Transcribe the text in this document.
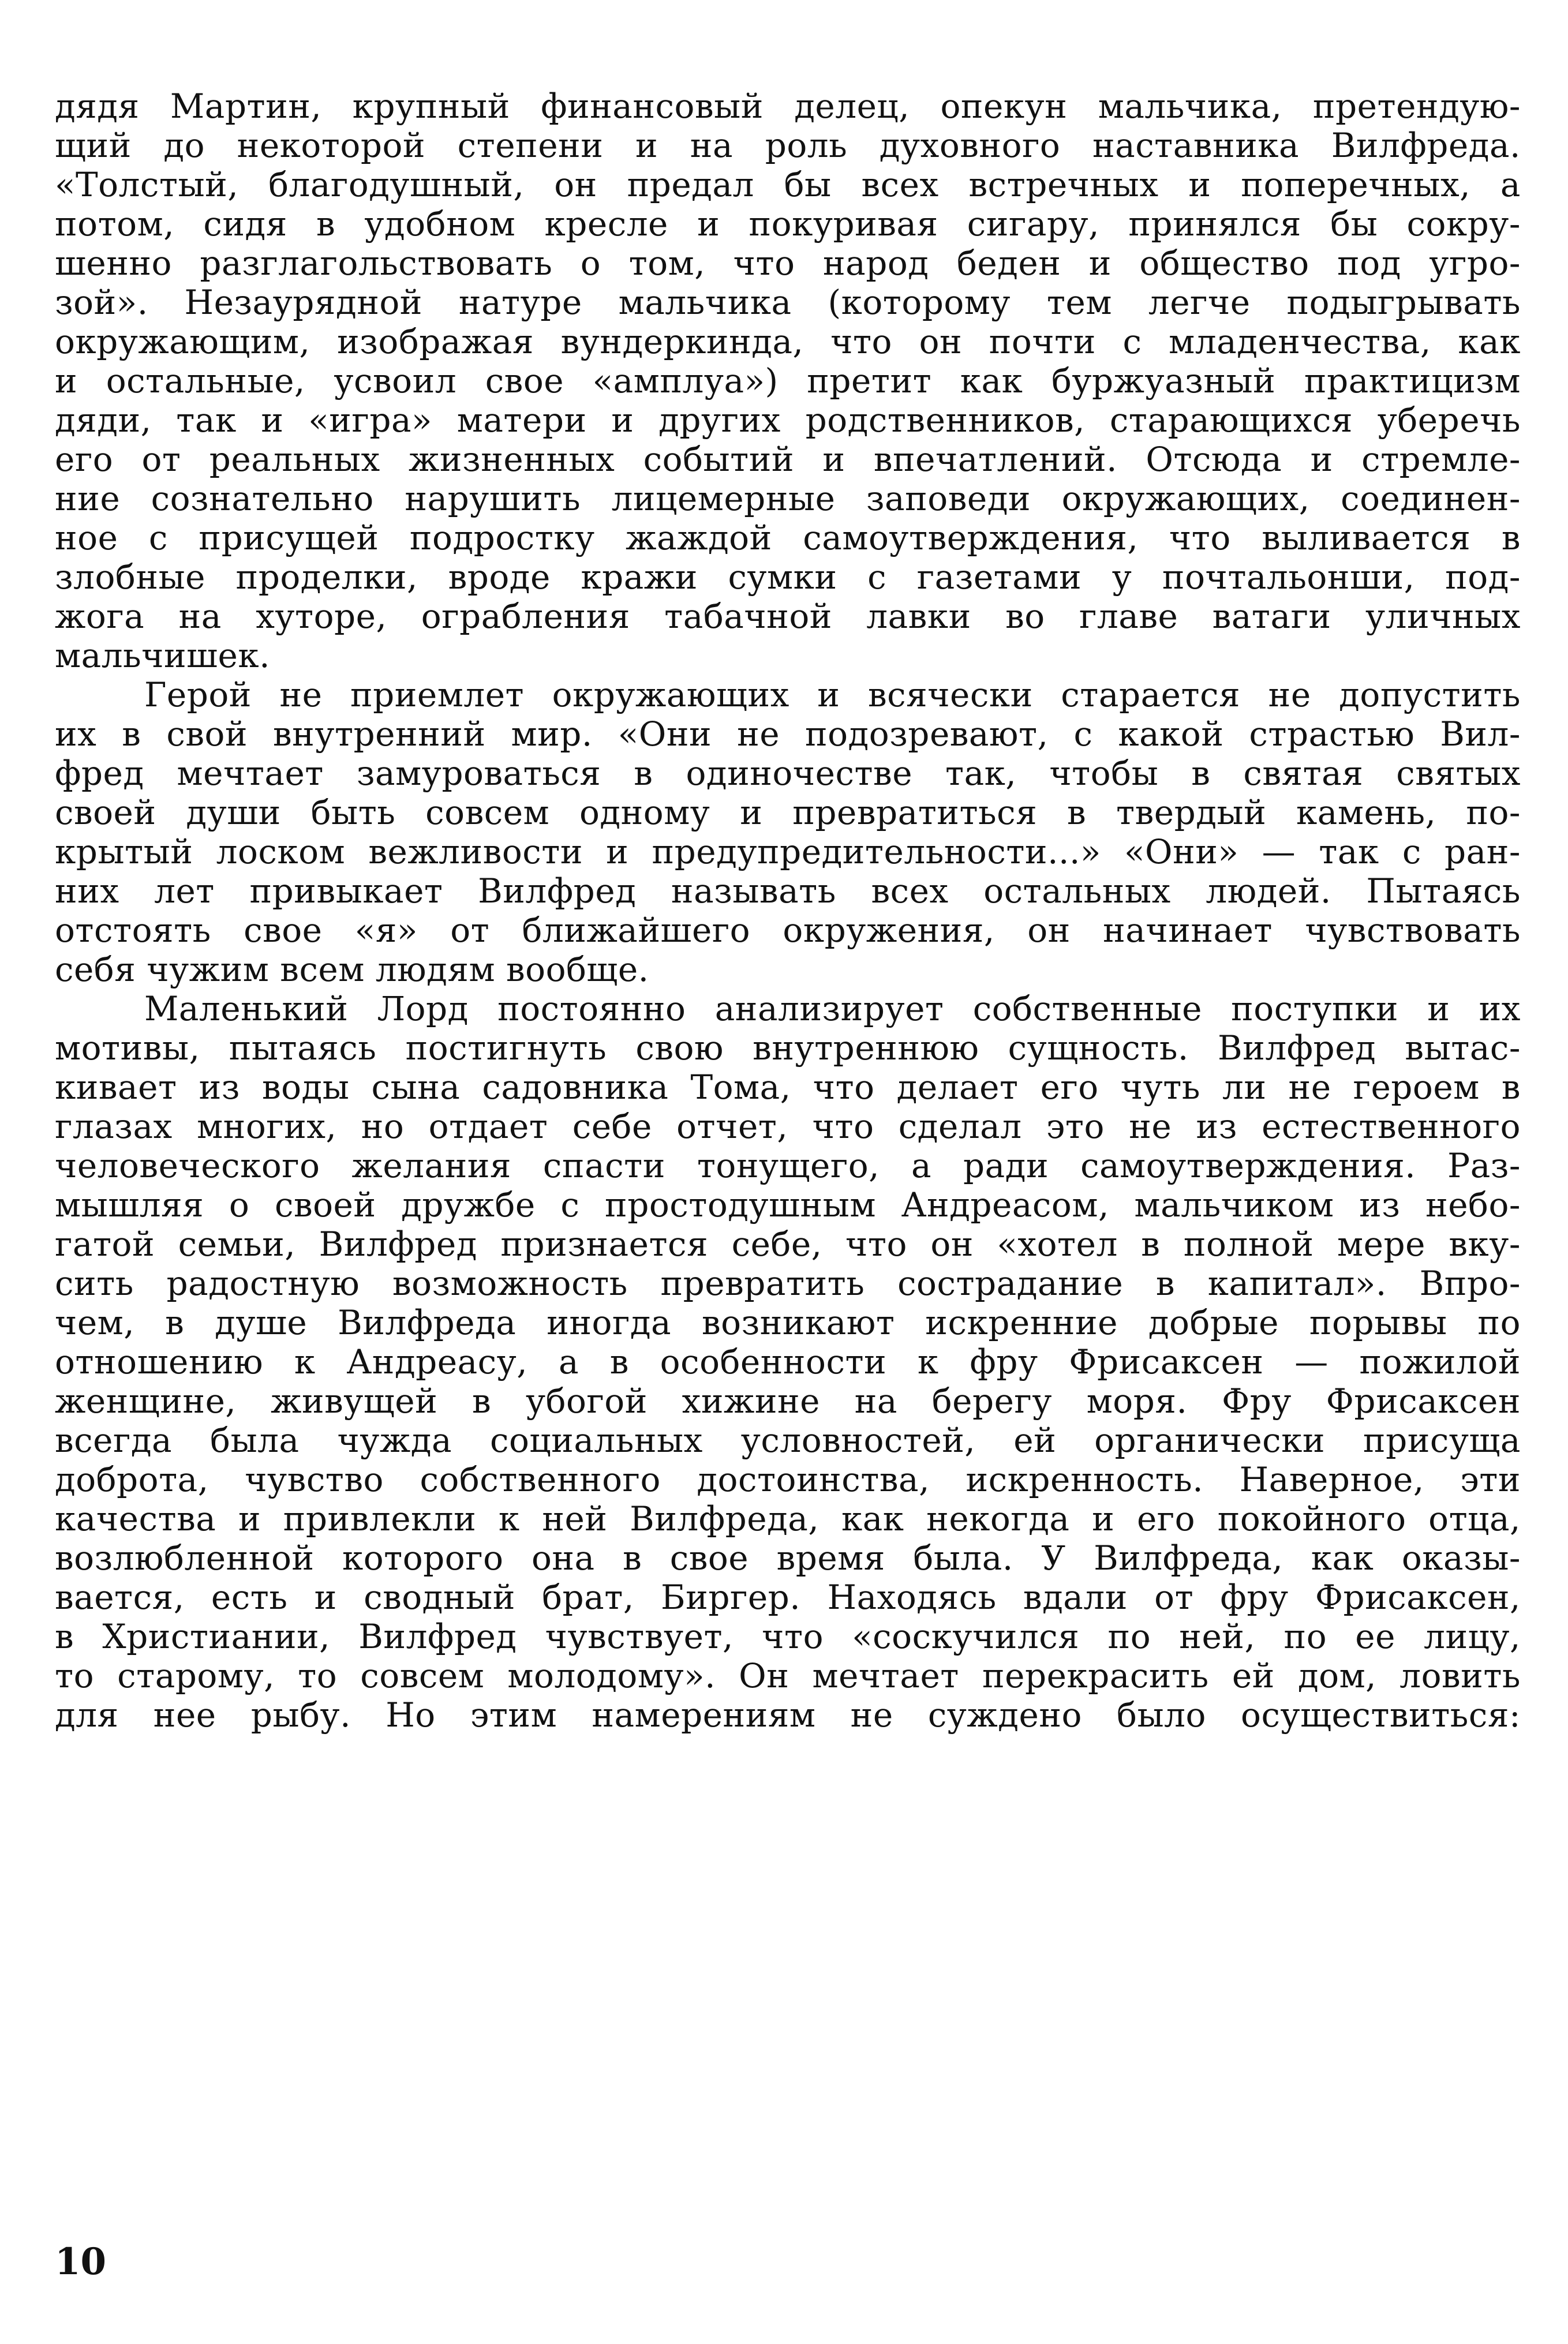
дядя Мартин, крупный финансовый делец, опекун мальчика, претендую-
щий до некоторой степени и на роль духовного наставника Вилфреда.
«Толстый, благодушный, он предал бы всех встречных и поперечных, а
потом, сидя в удобном кресле и покуривая сигару, принялся бы сокру-
шенно разглагольствовать о том, что народ беден и общество под угро-
зой». Незаурядной натуре мальчика (которому тем легче подыгрывать
окружающим, изображая вундеркинда, что он почти с младенчества, как
и остальные, усвоил свое «амплуа») претит как буржуазный практицизм
дяди, так и «игра» матери и других родственников, старающихся уберечь
его от реальных жизненных событий и впечатлений. Отсюда и стремле-
ние сознательно нарушить лицемерные заповеди окружающих, соединен-
ное с присущей подростку жаждой самоутверждения, что выливается в
злобные проделки, вроде кражи сумки с газетами у почтальонши, под-
жога на хуторе, ограбления табачной лавки во главе ватаги уличных
мальчишек.
Герой не приемлет окружающих и всячески старается не допустить
их в свой внутренний мир. «Они не подозревают, с какой страстью Вил-
фред мечтает замуроваться в одиночестве так, чтобы в святая святых
своей души быть совсем одному и превратиться в твердый камень, по-
крытый лоском вежливости и предупредительности...» «Они» — так с ран-
них лет привыкает Вилфред называть всех остальных людей. Пытаясь
отстоять свое «я» от ближайшего окружения, он начинает чувствовать
себя чужим всем людям вообще.
Маленький Лорд постоянно анализирует собственные поступки и их
мотивы, пытаясь постигнуть свою внутреннюю сущность. Вилфред вытас-
кивает из воды сына садовника Тома, что делает его чуть ли не героем в
глазах многих, но отдает себе отчет, что сделал это не из естественного
человеческого желания спасти тонущего, а ради самоутверждения. Раз-
мышляя о своей дружбе с простодушным Андреасом, мальчиком из небо-
гатой семьи, Вилфред признается себе, что он «хотел в полной мере вку-
сить радостную возможность превратить сострадание в капитал». Впро-
чем, в душе Вилфреда иногда возникают искренние добрые порывы по
отношению к Андреасу, а в особенности к фру Фрисаксен — пожилой
женщине, живущей в убогой хижине на берегу моря. Фру Фрисаксен
всегда была чужда социальных условностей, ей органически присуща
доброта, чувство собственного достоинства, искренность. Наверное, эти
качества и привлекли к ней Вилфреда, как некогда и его покойного отца,
возлюбленной которого она в свое время была. У Вилфреда, как оказы-
вается, есть и сводный брат, Биргер. Находясь вдали от фру Фрисаксен,
в Христиании, Вилфред чувствует, что «соскучился по ней, по ее лицу,
то старому, то совсем молодому». Он мечтает перекрасить ей дом, ловить
для нее рыбу. Но этим намерениям не суждено было осуществиться:
10
